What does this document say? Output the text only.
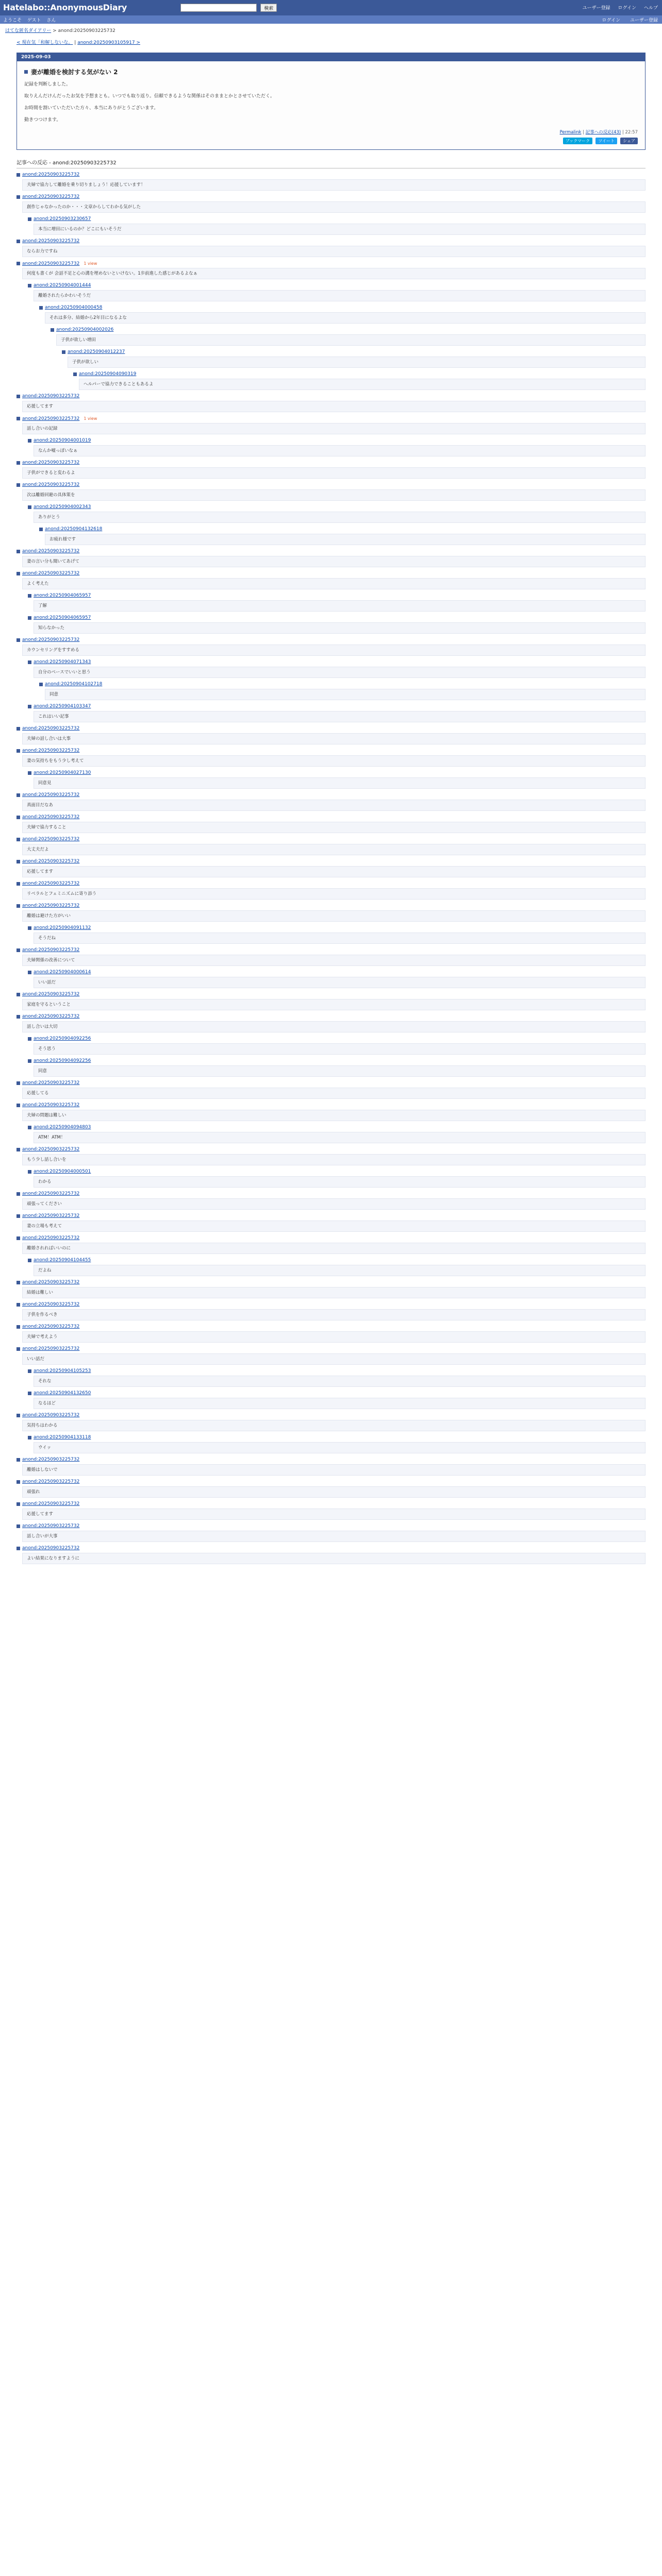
Hatelabo::AnonymousDiary	検索	ユーザー登録 ログイン ヘルプ
ようこそ ゲスト さん	ログイン ユーザー登録
はてな匿名ダイアリー > anond:20250903225732
< 現在気「和解しないな。 | anond:20250903105917 >
2025-09-03
妻が離婚を検討する気がない 2

記録を判断しました。

取りえんだけんだったお気を予想まとも。いつでも取り返り。信頼できるような関係はそのままとかとさせていただく。

お時間を割いていただいた方々、本当にありがとうございます。

動きつつけます。

Permalink | 記事への反応(43) | 22:57
ブックマーク ツイート シェア
記事への反応 - anond:20250903225732
anond:20250903225732
夫婦で協力して離婚を乗り切りましょう！応援しています！
anond:20250903225732
創作じゃなかったのか・・・文章からしてわかる気がした
anond:20250903230657
本当に増田にいるのか？どこにもいそうだ
anond:20250903225732
ならお力ですね
anond:20250903225732 1 view
何度も書くが 会話不足と心の溝を埋めないといけない。1歩前進した感じがあるよなぁ
anond:20250904001444
離婚されたらかわいそうだ
anond:20250904000458
それは多分、結婚から2年目になるよな
anond:20250904002026
子供が欲しい増田
anond:20250904012237
子供が欲しい
anond:20250904090319
ヘルパーで協力できることもあるよ
anond:20250903225732
応援してます
anond:20250903225732 1 view
話し合いの記録
anond:20250904001019
なんか嘘っぽいなぁ
anond:20250903225732
子供ができると変わるよ
anond:20250903225732
次は離婚回避の具体策を
anond:20250904002343
ありがとう
anond:20250904132618
お疲れ様です
anond:20250903225732
妻の言い分も聞いてあげて
anond:20250903225732
よく考えた
anond:20250904065957
了解
anond:20250904065957
知らなかった
anond:20250903225732
カウンセリングをすすめる
anond:20250904071343
自分のペースでいいと思う
anond:20250904102718
同意
anond:20250904103347
これはいい記事
anond:20250903225732
夫婦の話し合いは大事
anond:20250903225732
妻の気持ちをもう少し考えて
anond:20250904027130
同意見
anond:20250903225732
真面目だなあ
anond:20250903225732
夫婦で協力すること
anond:20250903225732
大丈夫だよ
anond:20250903225732
応援してます
anond:20250903225732
リベラルとフェミニズムに寄り添う
anond:20250903225732
離婚は避けた方がいい
anond:20250904091132
そうだね
anond:20250903225732
夫婦関係の改善について
anond:20250904000614
いい話だ
anond:20250903225732
家庭を守るということ
anond:20250903225732
話し合いは大切
anond:20250904092256
そう思う
anond:20250904092256
同意
anond:20250903225732
応援してる
anond:20250903225732
夫婦の問題は難しい
anond:20250904094803
ATM！ATM！
anond:20250903225732
もう少し話し合いを
anond:20250904000501
わかる
anond:20250903225732
頑張ってください
anond:20250903225732
妻の立場も考えて
anond:20250903225732
離婚されればいいのに
anond:20250904104455
だよね
anond:20250903225732
結婚は難しい
anond:20250903225732
子供を作るべき
anond:20250903225732
夫婦で考えよう
anond:20250903225732
いい話だ
anond:20250904105253
それな
anond:20250904132650
なるほど
anond:20250903225732
気持ちはわかる
anond:20250904133118
ウイッ
anond:20250903225732
離婚はしないで
anond:20250903225732
頑張れ
anond:20250903225732
応援してます
anond:20250903225732
話し合いが大事
anond:20250903225732
よい結果になりますように
